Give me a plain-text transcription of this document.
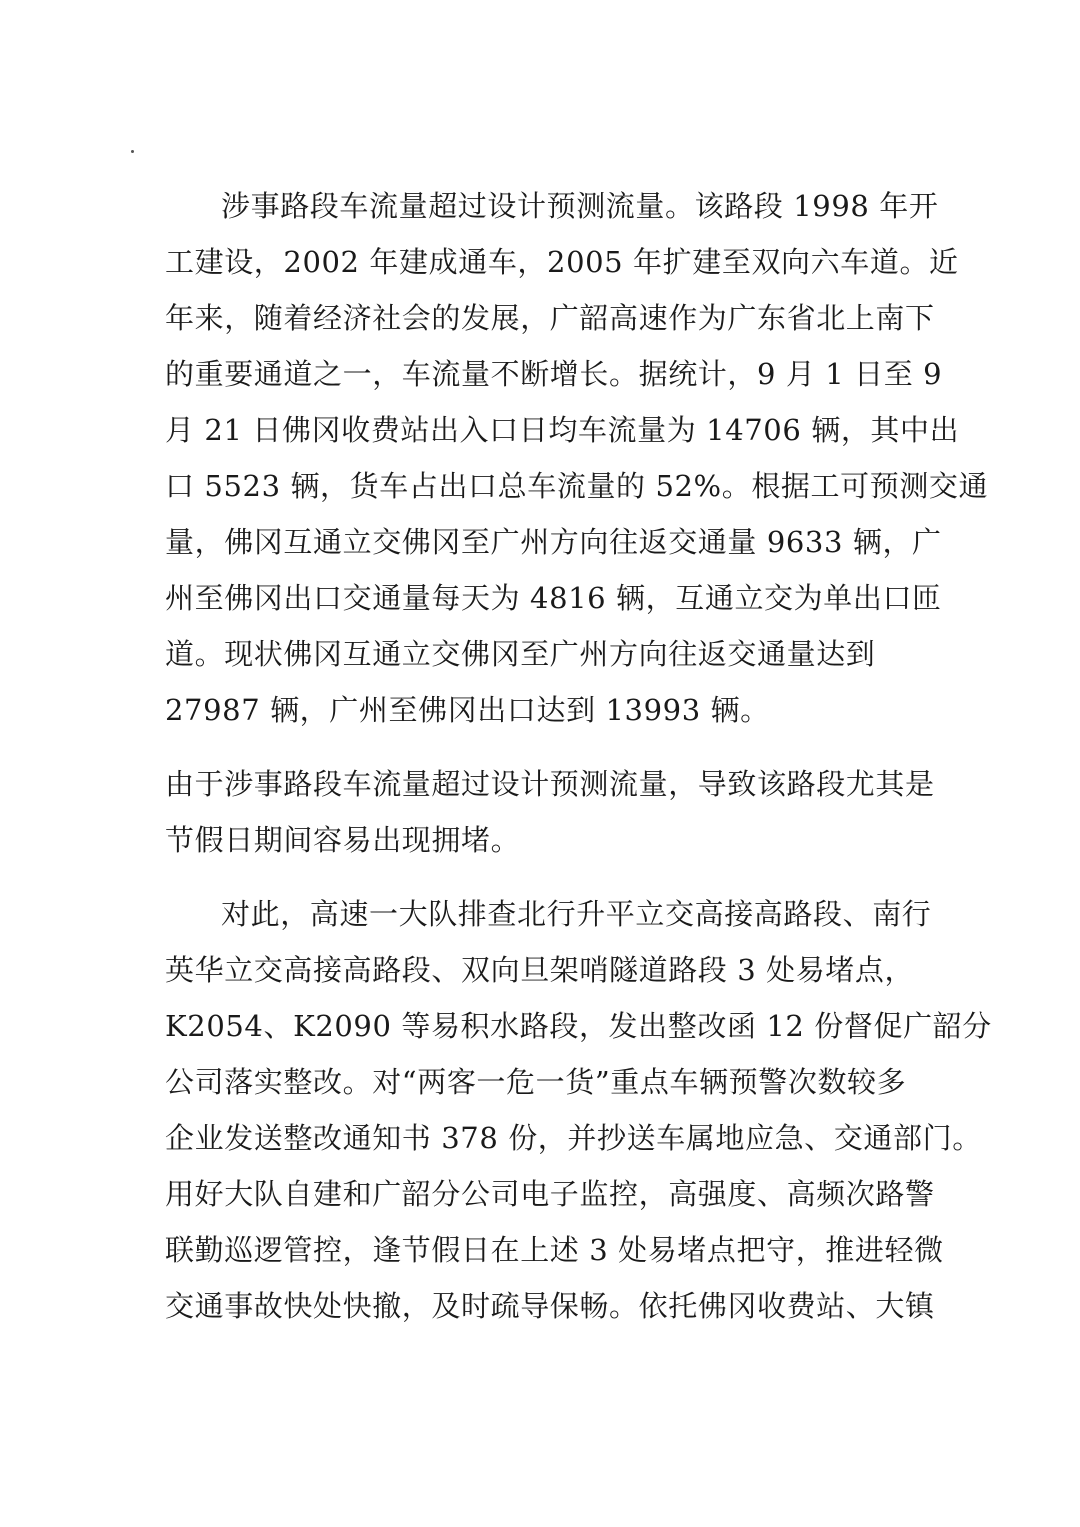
涉事路段车流量超过设计预测流量。该路段 1998 年开
工建设，2002 年建成通车，2005 年扩建至双向六车道。近
年来，随着经济社会的发展，广韶高速作为广东省北上南下
的重要通道之一，车流量不断增长。据统计，9 月 1 日至 9
月 21 日佛冈收费站出入口日均车流量为 14706 辆，其中出
口 5523 辆，货车占出口总车流量的 52%。根据工可预测交通
量，佛冈互通立交佛冈至广州方向往返交通量 9633 辆，广
州至佛冈出口交通量每天为 4816 辆，互通立交为单出口匝
道。现状佛冈互通立交佛冈至广州方向往返交通量达到
27987 辆，广州至佛冈出口达到 13993 辆。
由于涉事路段车流量超过设计预测流量，导致该路段尤其是
节假日期间容易出现拥堵。
对此，高速一大队排查北行升平立交高接高路段、南行
英华立交高接高路段、双向旦架哨隧道路段 3 处易堵点，
K2054、K2090 等易积水路段，发出整改函 12 份督促广韶分
公司落实整改。对“两客一危一货”重点车辆预警次数较多
企业发送整改通知书 378 份，并抄送车属地应急、交通部门。
用好大队自建和广韶分公司电子监控，高强度、高频次路警
联勤巡逻管控，逢节假日在上述 3 处易堵点把守，推进轻微
交通事故快处快撤，及时疏导保畅。依托佛冈收费站、大镇
